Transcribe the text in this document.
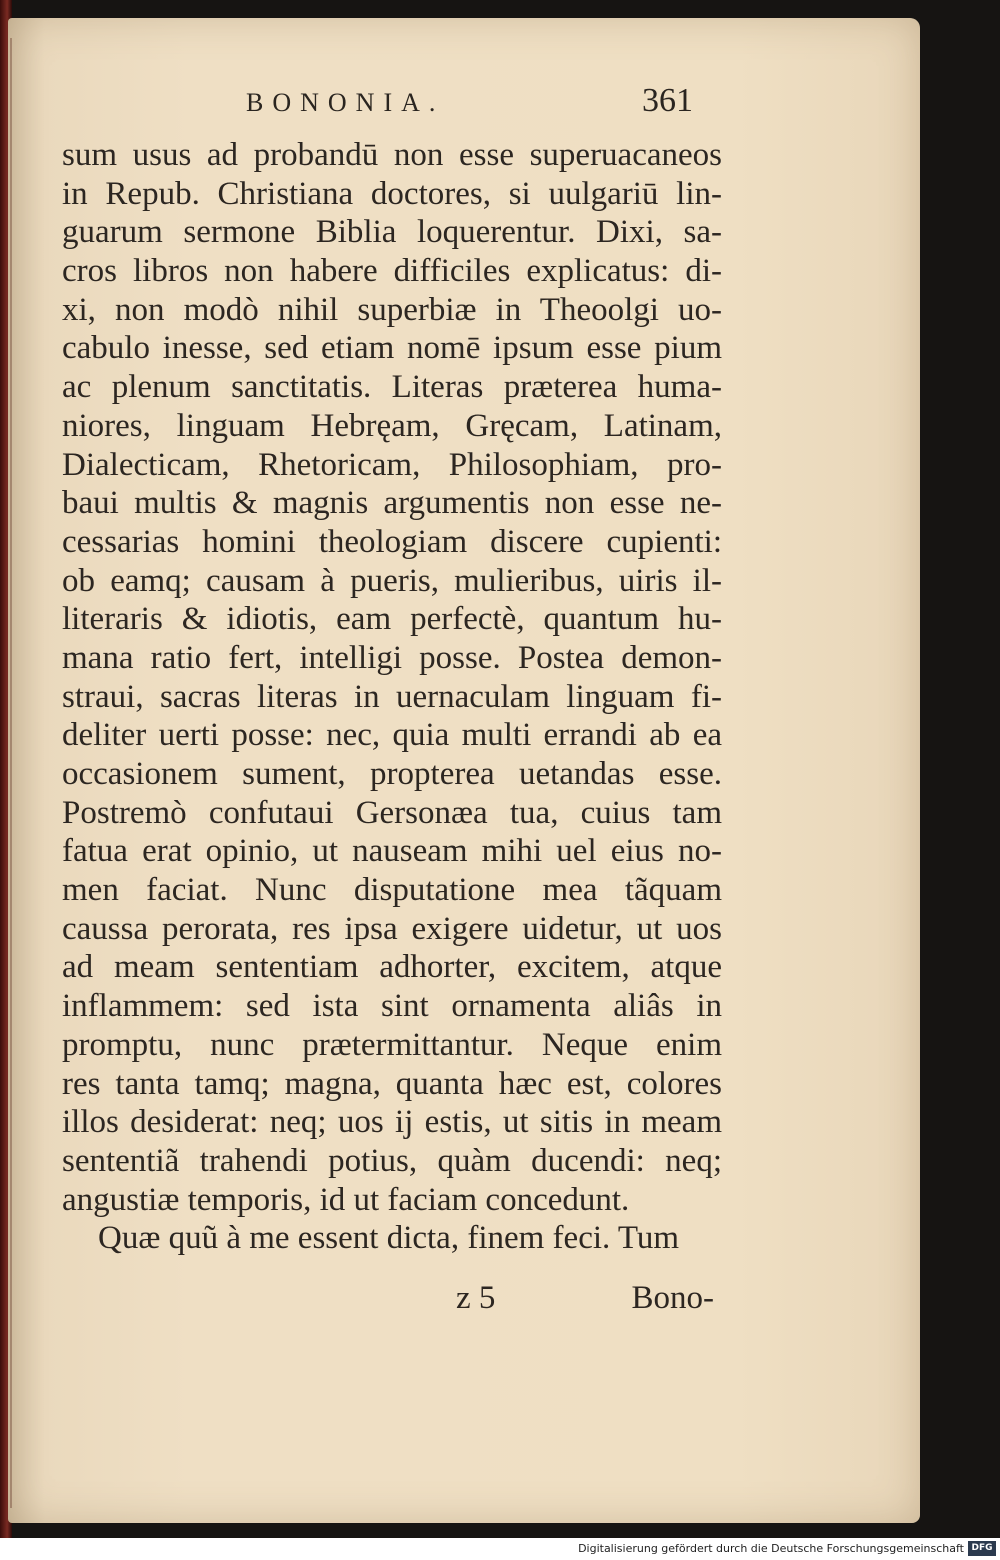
BONONIA.	361
sum usus ad probandū non esse superuacaneos
in Repub. Christiana doctores, si uulgariū lin-
guarum sermone Biblia loquerentur. Dixi, sa-
cros libros non habere difficiles explicatus: di-
xi, non modò nihil superbiæ in Theoolgi uo-
cabulo inesse, sed etiam nomē ipsum esse pium
ac plenum sanctitatis. Literas præterea huma-
niores, linguam Hebręam, Gręcam, Latinam,
Dialecticam, Rhetoricam, Philosophiam, pro-
baui multis & magnis argumentis non esse ne-
cessarias homini theologiam discere cupienti:
ob eamq; causam à pueris, mulieribus, uiris il-
literaris & idiotis, eam perfectè, quantum hu-
mana ratio fert, intelligi posse. Postea demon-
straui, sacras literas in uernaculam linguam fi-
deliter uerti posse: nec, quia multi errandi ab ea
occasionem sument, propterea uetandas esse.
Postremò confutaui Gersonæa tua, cuius tam
fatua erat opinio, ut nauseam mihi uel eius no-
men faciat. Nunc disputatione mea tãquam
caussa perorata, res ipsa exigere uidetur, ut uos
ad meam sententiam adhorter, excitem, atque
inflammem: sed ista sint ornamenta aliâs in
promptu, nunc prætermittantur. Neque enim
res tanta tamq; magna, quanta hæc est, colores
illos desiderat: neq; uos ij estis, ut sitis in meam
sententiã trahendi potius, quàm ducendi: neq;
angustiæ temporis, id ut faciam concedunt.
Quæ quũ à me essent dicta, finem feci. Tum
z 5	Bono-
Digitalisierung gefördert durch die Deutsche Forschungsgemeinschaft DFG
